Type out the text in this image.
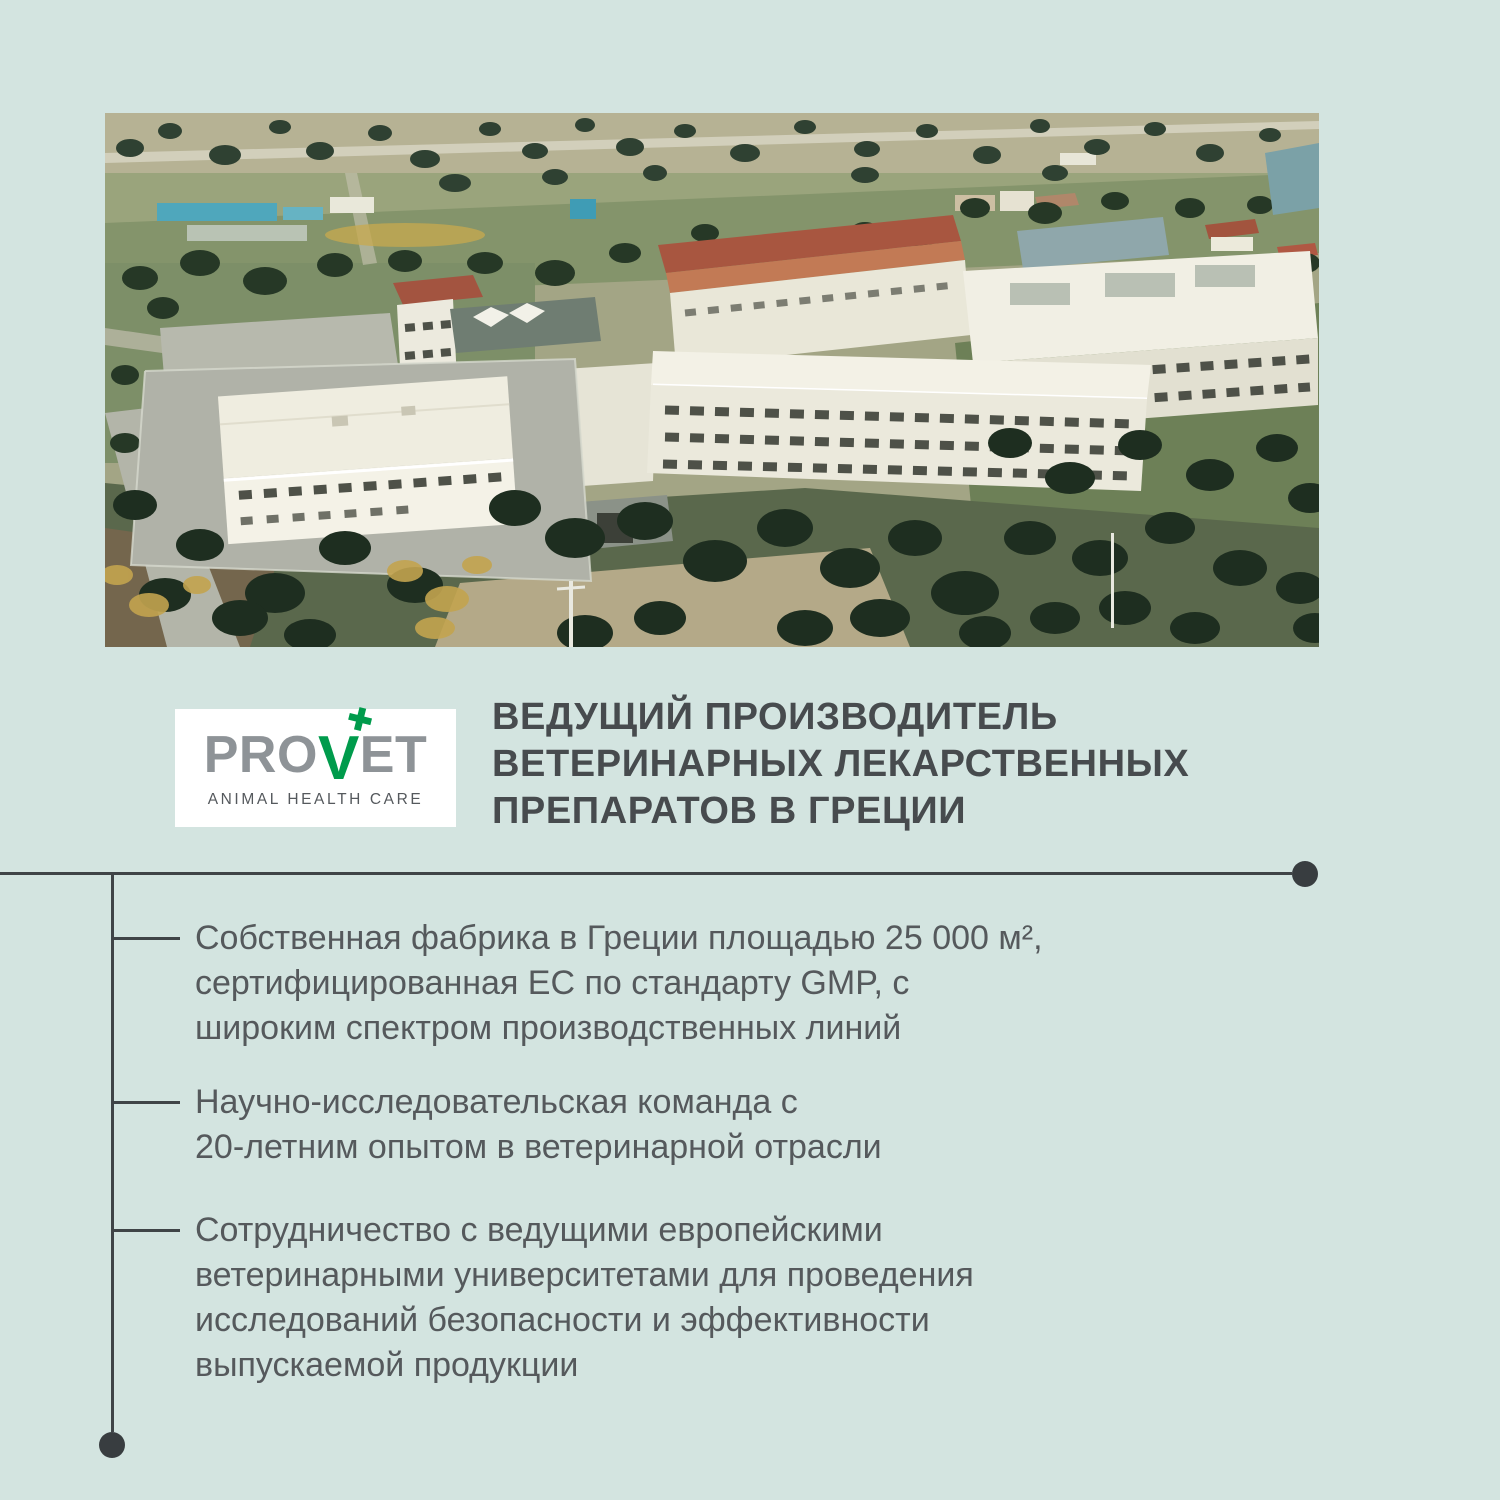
PRO V
✚
ET
ANIMAL HEALTH CARE
ВЕДУЩИЙ ПРОИЗВОДИТЕЛЬ
ВЕТЕРИНАРНЫХ ЛЕКАРСТВЕННЫХ
ПРЕПАРАТОВ В ГРЕЦИИ
Собственная фабрика в Греции площадью 25 000 м²,
сертифицированная ЕС по стандарту GMP, с
широким спектром производственных линий
Научно-исследовательская команда с
20-летним опытом в ветеринарной отрасли
Сотрудничество с ведущими европейскими
ветеринарными университетами для проведения
исследований безопасности и эффективности
выпускаемой продукции
